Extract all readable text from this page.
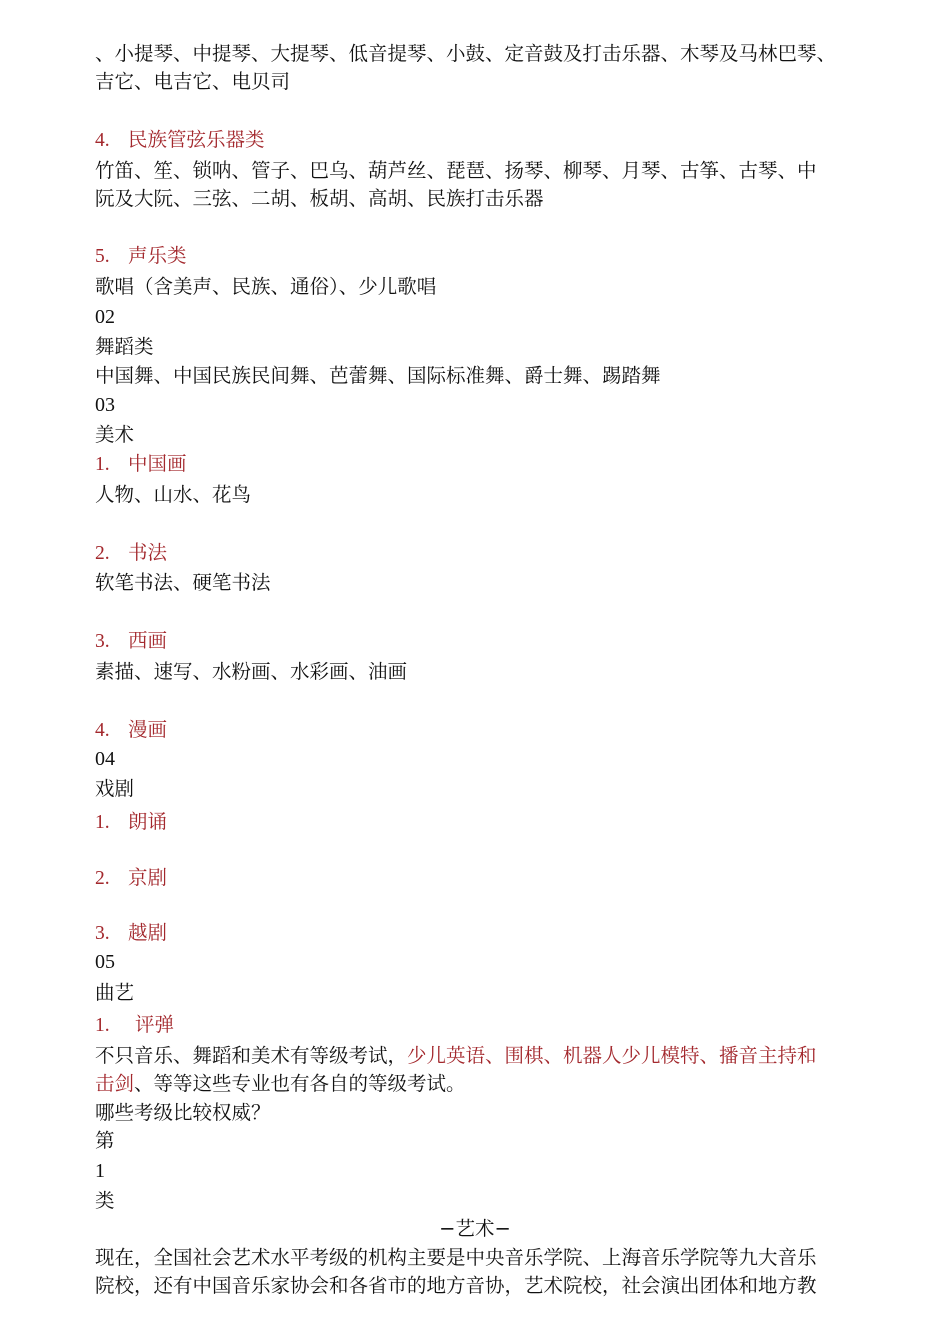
、小提琴、中提琴、大提琴、低音提琴、小鼓、定音鼓及打击乐器、木琴及马林巴琴、
吉它、电吉它、电贝司
4. 民族管弦乐器类
竹笛、笙、锁呐、管子、巴乌、葫芦丝、琵琶、扬琴、柳琴、月琴、古筝、古琴、中
阮及大阮、三弦、二胡、板胡、高胡、民族打击乐器
5. 声乐类
歌唱（含美声、民族、通俗）、少儿歌唱
02
舞蹈类
中国舞、中国民族民间舞、芭蕾舞、国际标准舞、爵士舞、踢踏舞
03
美术
1. 中国画
人物、山水、花鸟
2. 书法
软笔书法、硬笔书法
3. 西画
素描、速写、水粉画、水彩画、油画
4. 漫画
04
戏剧
1. 朗诵
2. 京剧
3. 越剧
05
曲艺
1. 评弹
不只音乐、舞蹈和美术有等级考试，少儿英语、围棋、机器人少儿模特、播音主持和
击剑、等等这些专业也有各自的等级考试。
哪些考级比较权威？
第
1
类
−艺术−
现在，全国社会艺术水平考级的机构主要是中央音乐学院、上海音乐学院等九大音乐
院校，还有中国音乐家协会和各省市的地方音协，艺术院校，社会演出团体和地方教
